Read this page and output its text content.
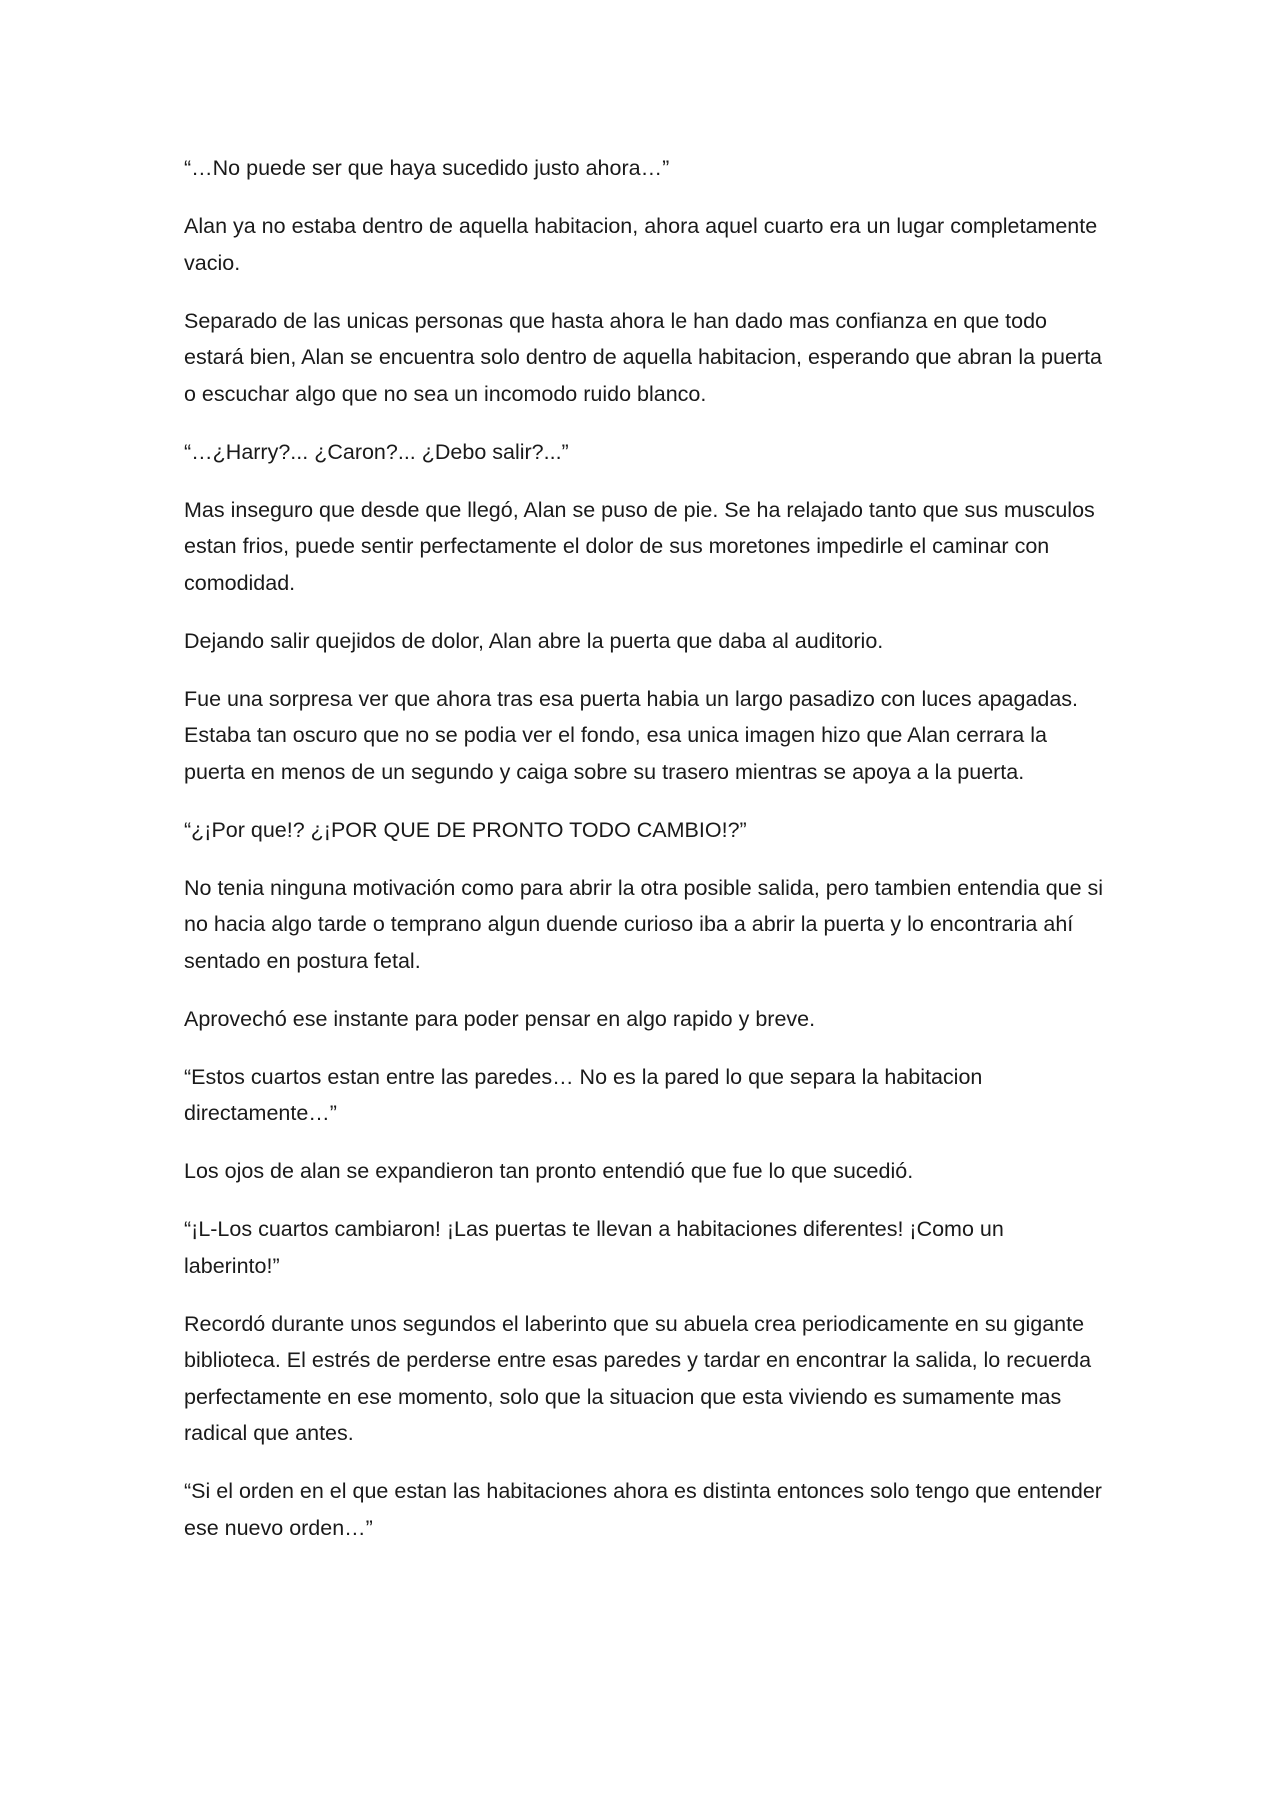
“…No puede ser que haya sucedido justo ahora…”

Alan ya no estaba dentro de aquella habitacion, ahora aquel cuarto era un lugar completamente vacio.

Separado de las unicas personas que hasta ahora le han dado mas confianza en que todo estará bien, Alan se encuentra solo dentro de aquella habitacion, esperando que abran la puerta o escuchar algo que no sea un incomodo ruido blanco.

“…¿Harry?... ¿Caron?... ¿Debo salir?...”

Mas inseguro que desde que llegó, Alan se puso de pie. Se ha relajado tanto que sus musculos estan frios, puede sentir perfectamente el dolor de sus moretones impedirle el caminar con comodidad.

Dejando salir quejidos de dolor, Alan abre la puerta que daba al auditorio.

Fue una sorpresa ver que ahora tras esa puerta habia un largo pasadizo con luces apagadas. Estaba tan oscuro que no se podia ver el fondo, esa unica imagen hizo que Alan cerrara la puerta en menos de un segundo y caiga sobre su trasero mientras se apoya a la puerta.

“¿¡Por que!? ¿¡POR QUE DE PRONTO TODO CAMBIO!?”

No tenia ninguna motivación como para abrir la otra posible salida, pero tambien entendia que si no hacia algo tarde o temprano algun duende curioso iba a abrir la puerta y lo encontraria ahí sentado en postura fetal.

Aprovechó ese instante para poder pensar en algo rapido y breve.

“Estos cuartos estan entre las paredes… No es la pared lo que separa la habitacion directamente…”

Los ojos de alan se expandieron tan pronto entendió que fue lo que sucedió.

“¡L-Los cuartos cambiaron! ¡Las puertas te llevan a habitaciones diferentes! ¡Como un laberinto!”

Recordó durante unos segundos el laberinto que su abuela crea periodicamente en su gigante biblioteca. El estrés de perderse entre esas paredes y tardar en encontrar la salida, lo recuerda perfectamente en ese momento, solo que la situacion que esta viviendo es sumamente mas radical que antes.

“Si el orden en el que estan las habitaciones ahora es distinta entonces solo tengo que entender ese nuevo orden…”
